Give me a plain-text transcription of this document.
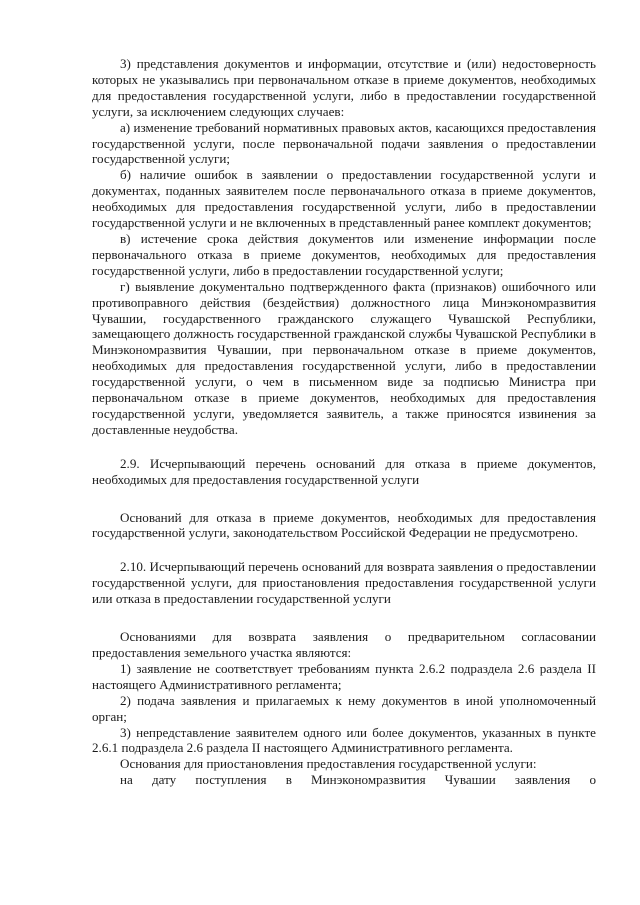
3) представления документов и информации, отсутствие и (или) недостоверность которых не указывались при первоначальном отказе в приеме документов, необходимых для предоставления государственной услуги, либо в предоставлении государственной услуги, за исключением следующих случаев:

а) изменение требований нормативных правовых актов, касающихся предоставления государственной услуги, после первоначальной подачи заявления о предоставлении государственной услуги;

б) наличие ошибок в заявлении о предоставлении государственной услуги и документах, поданных заявителем после первоначального отказа в приеме документов, необходимых для предоставления государственной услуги, либо в предоставлении государственной услуги и не включенных в представленный ранее комплект документов;

в) истечение срока действия документов или изменение информации после первоначального отказа в приеме документов, необходимых для предоставления государственной услуги, либо в предоставлении государственной услуги;

г) выявление документально подтвержденного факта (признаков) ошибочного или противоправного действия (бездействия) должностного лица Минэкономразвития Чувашии, государственного гражданского служащего Чувашской Республики, замещающего должность государственной гражданской службы Чувашской Республики в Минэкономразвития Чувашии, при первоначальном отказе в приеме документов, необходимых для предоставления государственной услуги, либо в предоставлении государственной услуги, о чем в письменном виде за подписью Министра при первоначальном отказе в приеме документов, необходимых для предоставления государственной услуги, уведомляется заявитель, а также приносятся извинения за доставленные неудобства.

2.9. Исчерпывающий перечень оснований для отказа в приеме документов, необходимых для предоставления государственной услуги

Оснований для отказа в приеме документов, необходимых для предоставления государственной услуги, законодательством Российской Федерации не предусмотрено.

2.10. Исчерпывающий перечень оснований для возврата заявления о предоставлении государственной услуги, для приостановления предоставления государственной услуги или отказа в предоставлении государственной услуги

Основаниями для возврата заявления о предварительном согласовании предоставления земельного участка являются:

1) заявление не соответствует требованиям пункта 2.6.2 подраздела 2.6 раздела II настоящего Административного регламента;

2) подача заявления и прилагаемых к нему документов в иной уполномоченный орган;

3) непредставление заявителем одного или более документов, указанных в пункте 2.6.1 подраздела 2.6 раздела II настоящего Административного регламента.

Основания для приостановления предоставления государственной услуги:

на дату поступления в Минэкономразвития Чувашии заявления о
